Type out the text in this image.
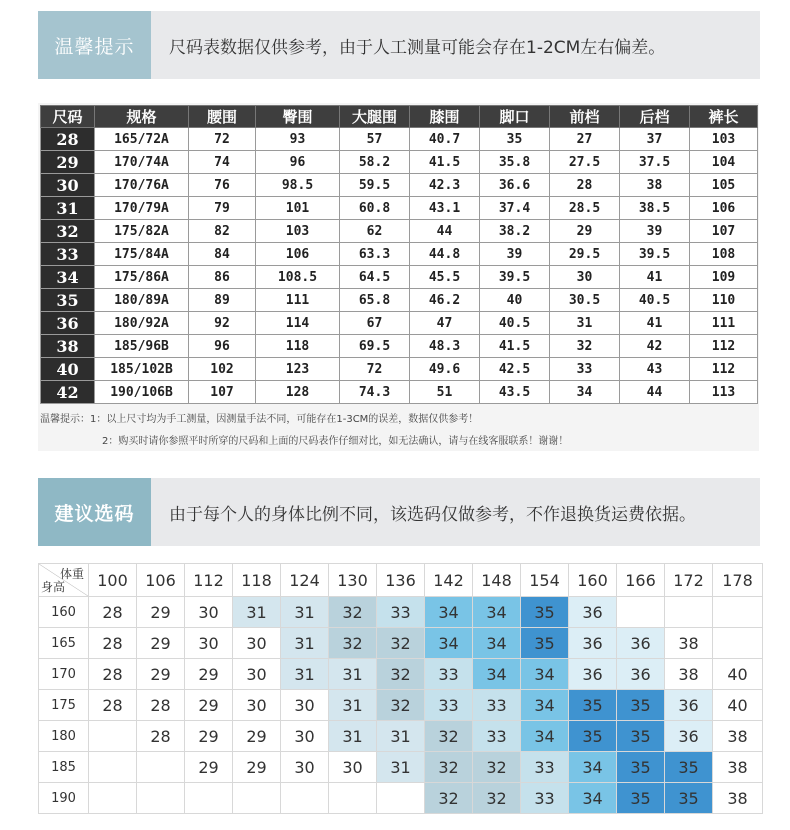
温馨提示	尺码表数据仅供参考，由于人工测量可能会存在1-2CM左右偏差。
尺码	规格	腰围	臀围	大腿围	膝围	脚口	前档	后档	裤长
28	165/72A	72	93	57	40.7	35	27	37	103
29	170/74A	74	96	58.2	41.5	35.8	27.5	37.5	104
30	170/76A	76	98.5	59.5	42.3	36.6	28	38	105
31	170/79A	79	101	60.8	43.1	37.4	28.5	38.5	106
32	175/82A	82	103	62	44	38.2	29	39	107
33	175/84A	84	106	63.3	44.8	39	29.5	39.5	108
34	175/86A	86	108.5	64.5	45.5	39.5	30	41	109
35	180/89A	89	111	65.8	46.2	40	30.5	40.5	110
36	180/92A	92	114	67	47	40.5	31	41	111
38	185/96B	96	118	69.5	48.3	41.5	32	42	112
40	185/102B	102	123	72	49.6	42.5	33	43	112
42	190/106B	107	128	74.3	51	43.5	34	44	113
温馨提示：1：以上尺寸均为手工测量，因测量手法不同，可能存在1-3CM的误差，数据仅供参考！
2：购买时请你参照平时所穿的尺码和上面的尺码表作仔细对比，如无法确认，请与在线客服联系！谢谢！
建议选码	由于每个人的身体比例不同，该选码仅做参考，不作退换货运费依据。
体重
身高	100	106	112	118	124	130	136	142	148	154	160	166	172	178
160	28	29	30	31	31	32	33	34	34	35	36			
165	28	29	30	30	31	32	32	34	34	35	36	36	38	
170	28	29	29	30	31	31	32	33	34	34	36	36	38	40
175	28	28	29	30	30	31	32	33	33	34	35	35	36	40
180		28	29	29	30	31	31	32	33	34	35	35	36	38
185			29	29	30	30	31	32	32	33	34	35	35	38
190								32	32	33	34	35	35	38
